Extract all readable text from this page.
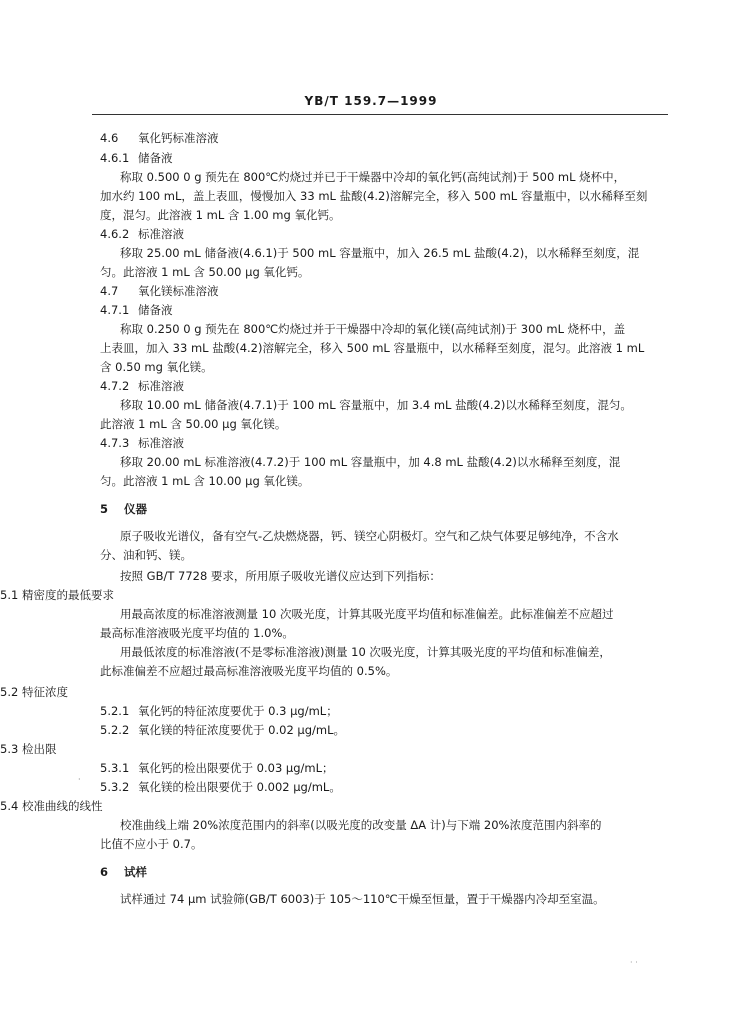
YB/T 159.7—1999
4.6 氧化钙标准溶液
4.6.1 储备液
称取 0.500 0 g 预先在 800℃灼烧过并已于干燥器中冷却的氧化钙(高纯试剂)于 500 mL 烧杯中，
加水约 100 mL，盖上表皿，慢慢加入 33 mL 盐酸(4.2)溶解完全，移入 500 mL 容量瓶中，以水稀释至刻
度，混匀。此溶液 1 mL 含 1.00 mg 氧化钙。
4.6.2 标准溶液
移取 25.00 mL 储备液(4.6.1)于 500 mL 容量瓶中，加入 26.5 mL 盐酸(4.2)，以水稀释至刻度，混
匀。此溶液 1 mL 含 50.00 μg 氧化钙。
4.7 氧化镁标准溶液
4.7.1 储备液
称取 0.250 0 g 预先在 800℃灼烧过并于干燥器中冷却的氧化镁(高纯试剂)于 300 mL 烧杯中，盖
上表皿，加入 33 mL 盐酸(4.2)溶解完全，移入 500 mL 容量瓶中，以水稀释至刻度，混匀。此溶液 1 mL
含 0.50 mg 氧化镁。
4.7.2 标准溶液
移取 10.00 mL 储备液(4.7.1)于 100 mL 容量瓶中，加 3.4 mL 盐酸(4.2)以水稀释至刻度，混匀。
此溶液 1 mL 含 50.00 μg 氧化镁。
4.7.3 标准溶液
移取 20.00 mL 标准溶液(4.7.2)于 100 mL 容量瓶中，加 4.8 mL 盐酸(4.2)以水稀释至刻度，混
匀。此溶液 1 mL 含 10.00 μg 氧化镁。
5 仪器
原子吸收光谱仪，备有空气-乙炔燃烧器，钙、镁空心阴极灯。空气和乙炔气体要足够纯净，不含水
分、油和钙、镁。
按照 GB/T 7728 要求，所用原子吸收光谱仪应达到下列指标：
5.1 精密度的最低要求
用最高浓度的标准溶液测量 10 次吸光度，计算其吸光度平均值和标准偏差。此标准偏差不应超过
最高标准溶液吸光度平均值的 1.0%。
用最低浓度的标准溶液(不是零标准溶液)测量 10 次吸光度，计算其吸光度的平均值和标准偏差，
此标准偏差不应超过最高标准溶液吸光度平均值的 0.5%。
5.2 特征浓度
5.2.1 氧化钙的特征浓度要优于 0.3 μg/mL；
5.2.2 氧化镁的特征浓度要优于 0.02 μg/mL。
5.3 检出限
5.3.1 氧化钙的检出限要优于 0.03 μg/mL；
5.3.2 氧化镁的检出限要优于 0.002 μg/mL。
5.4 校准曲线的线性
校准曲线上端 20%浓度范围内的斜率(以吸光度的改变量 ΔA 计)与下端 20%浓度范围内斜率的
比值不应小于 0.7。
6 试样
试样通过 74 μm 试验筛(GB/T 6003)于 105～110℃干燥至恒量，置于干燥器内冷却至室温。
·
· ·
